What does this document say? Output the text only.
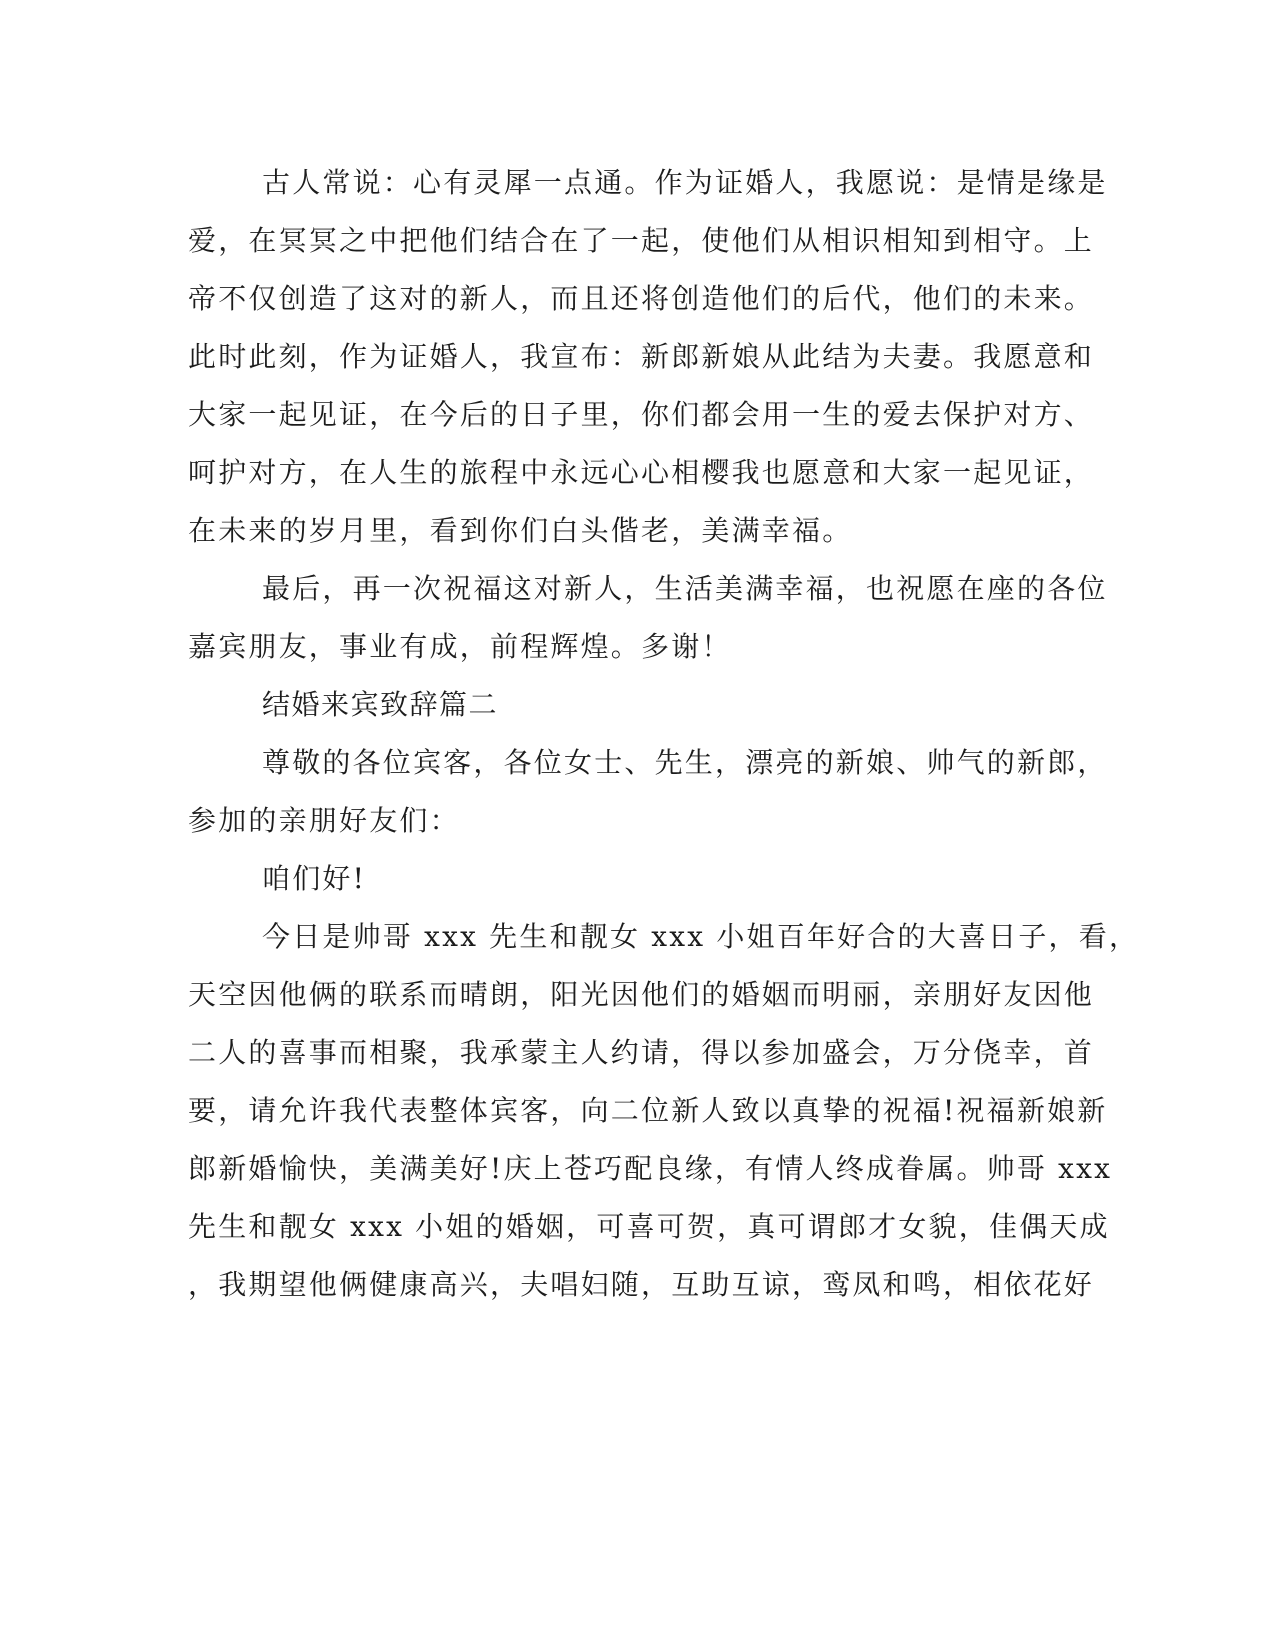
古人常说：心有灵犀一点通。作为证婚人，我愿说：是情是缘是
爱，在冥冥之中把他们结合在了一起，使他们从相识相知到相守。上
帝不仅创造了这对的新人，而且还将创造他们的后代，他们的未来。
此时此刻，作为证婚人，我宣布：新郎新娘从此结为夫妻。我愿意和
大家一起见证，在今后的日子里，你们都会用一生的爱去保护对方、
呵护对方，在人生的旅程中永远心心相樱我也愿意和大家一起见证，
在未来的岁月里，看到你们白头偕老，美满幸福。
最后，再一次祝福这对新人，生活美满幸福，也祝愿在座的各位
嘉宾朋友，事业有成，前程辉煌。多谢！
结婚来宾致辞篇二
尊敬的各位宾客，各位女士、先生，漂亮的新娘、帅气的新郎，
参加的亲朋好友们：
咱们好!
今日是帅哥 xxx 先生和靓女 xxx 小姐百年好合的大喜日子，看，
天空因他俩的联系而晴朗，阳光因他们的婚姻而明丽，亲朋好友因他
二人的喜事而相聚，我承蒙主人约请，得以参加盛会，万分侥幸，首
要，请允许我代表整体宾客，向二位新人致以真挚的祝福!祝福新娘新
郎新婚愉快，美满美好!庆上苍巧配良缘，有情人终成眷属。帅哥 xxx
先生和靓女 xxx 小姐的婚姻，可喜可贺，真可谓郎才女貌，佳偶天成
，我期望他俩健康高兴，夫唱妇随，互助互谅，鸾凤和鸣，相依花好
